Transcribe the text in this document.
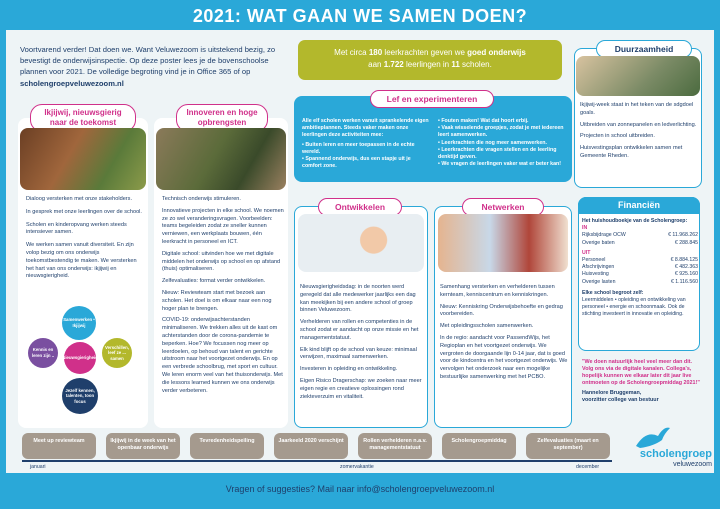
2021: WAT GAAN WE SAMEN DOEN?
Voortvarend verder! Dat doen we. Want Veluwezoom is uitstekend bezig, zo bevestigt de onderwijsinspectie. Op deze poster lees je de bovenschoolse plannen voor 2021. De volledige begroting vind je in Office 365 of op scholengroepveluwezoom.nl
Met circa 180 leerkrachten geven we goed onderwijs
aan 1.722 leerlingen in 11 scholen.
Duurzaamheid

Ikjijwij-week staat in het teken van de sdgdoel goals.

Uitbreiden van zonnepanelen en ledverlichting.

Projecten in school uitbreiden.

Huisvestingsplan ontwikkelen samen met Gemeente Rheden.

Ikjijwij, nieuwsgierig naar de toekomst

Dialoog versterken met onze stakeholders.

In gesprek met onze leerlingen over de school.

Scholen en kinderopvang werken steeds intensiever samen.

We werken samen vanuit diversiteit. En zijn volop bezig om ons onderwijs toekomstbestendig te maken. We versterken het hart van ons onderwijs: ikjijwij en nieuwsgierigheid.

Samenwerken • Ikjijwij
Kennis en leren zijn ..	Nieuwsgierigheid
Verschillen, leef ze ... samen
Jezelf kennen, talenten, toon focus
Innoveren en hoge opbrengsten

Technisch onderwijs stimuleren.

Innovatieve projecten in elke school. We noemen ze zo wel veranderingsvragen. Voorbeelden: teams begeleiden zodat ze sneller kunnen verniewen, een werkplaats bouwen, één leerkracht in personeel en ICT.

Digitale school: uitvinden hoe we met digitale middelen het onderwijs op school en op afstand (thuis) optimaliseren.

Zelfevaluaties: format verder ontwikkelen.

Nieuw: Reviewteam start met bezoek aan scholen. Het doel is om elkaar naar een nog hoger plan te brengen.

COVID-19: onderwijsachterstanden minimaliseren. We trekken alles uit de kast om achterstanden door de corona-pandemie te beperken. Hoe? We focussen nog meer op leerdoelen, op behoud van talent en gerichte uitstroom naar het voortgezet onderwijs. En op een verbrede schoolbrug, met sport en cultuur. We leren enorm veel van het thuisonderwijs. Met die lessons learned kunnen we ons onderwijs verder verbeteren.

Alle elf scholen werken vanuit sprankelende eigen ambitieplannen. Steeds vaker maken onze leerlingen deze activiteiten mee:

• Buiten leren en meer toepassen in de echte wereld.

• Spannend onderwijs, dus een stapje uit je comfort zone.

• Fouten maken! Wat dat hoort erbij.

• Vaak wisselende groepjes, zodat je met iedereen leert samenwerken.

• Leerkrachten die nog meer samenwerken.

• Leerkrachten die vragen stellen en de leerling denktijd geven.

• We vragen de leerlingen vaker wat er beter kan!

Lef en experimenteren
Ontwikkelen

Nieuwsgierigheidsdag: in de noorten werd geregeld dat alle medewerker jaarlijks een dag kan meekijken bij een andere school of groep binnen Veluwezoom.

Verhelderen van rollen en competenties in de school zodat er aandacht op onze missie en het managementstatuut.

Elk kind blijft op de school van keuze: minimaal verwijzen, maximaal samenwerken.

Investeren in opleiding en ontwikkeling.

Eigen Risico Dragerschap: we zoeken naar meer eigen regie en creatieve oplossingen rond ziekteverzuim en vitaliteit.

Netwerken

Samenhang versterken en verhelderen tussen kernteam, kenniscentrum en kenniskringen.

Nieuw: Kenniskring Onderwijsbehoefte en gedrag voorbereiden.

Met opleidingsscholen samenwerken.

In de regio: aandacht voor PassendWijs, het Regioplan en het voortgezet onderwijs. We vergroten de doorgaande lijn 0-14 jaar, dat is goed voor de kindcentra en het voortgezet onderwijs. We vervolgen het onderzoek naar een mogelijke bestuurlijke samenwerking met het PCBO.

Financiën

Het huishoudboekje van de Scholengroep:

IN

Rijksbijdrage OCW	€ 11.968.262
Overige baten	€ 288.845

UIT

Personeel	€ 8.884.125
Afschrijvingen	€ 482.363
Huisvesting	€ 925.160
Overige lasten	€ 1.116.560

Elke school begroot zelf:

Leermiddelen • opleiding en ontwikkeling van personeel • energie en schoonmaak. Ook de stichting investeert in innovatie en opleiding.

"We doen natuurlijk heel veel meer dan dit. Volg ons via de digitale kanalen. Collega's, hopelijk kunnen we elkaar later dit jaar live ontmoeten op de Scholengroepmiddag 2021!"

Hannelore Bruggeman,

voorzitter college van bestuur

Meet up reviewteam	Ikjijwij in de week van het openbaar onderwijs
Tevredenheidspeiling	Jaarkeeld 2020 verschijnt	Rollen verhelderen n.a.v. managementstatuut
Scholengroepmiddag	Zelfevaluaties (maart en september)
januari	zomervakantie	december
scholengroep
veluwezoom
Vragen of suggesties? Mail naar info@scholengroepveluwezoom.nl
